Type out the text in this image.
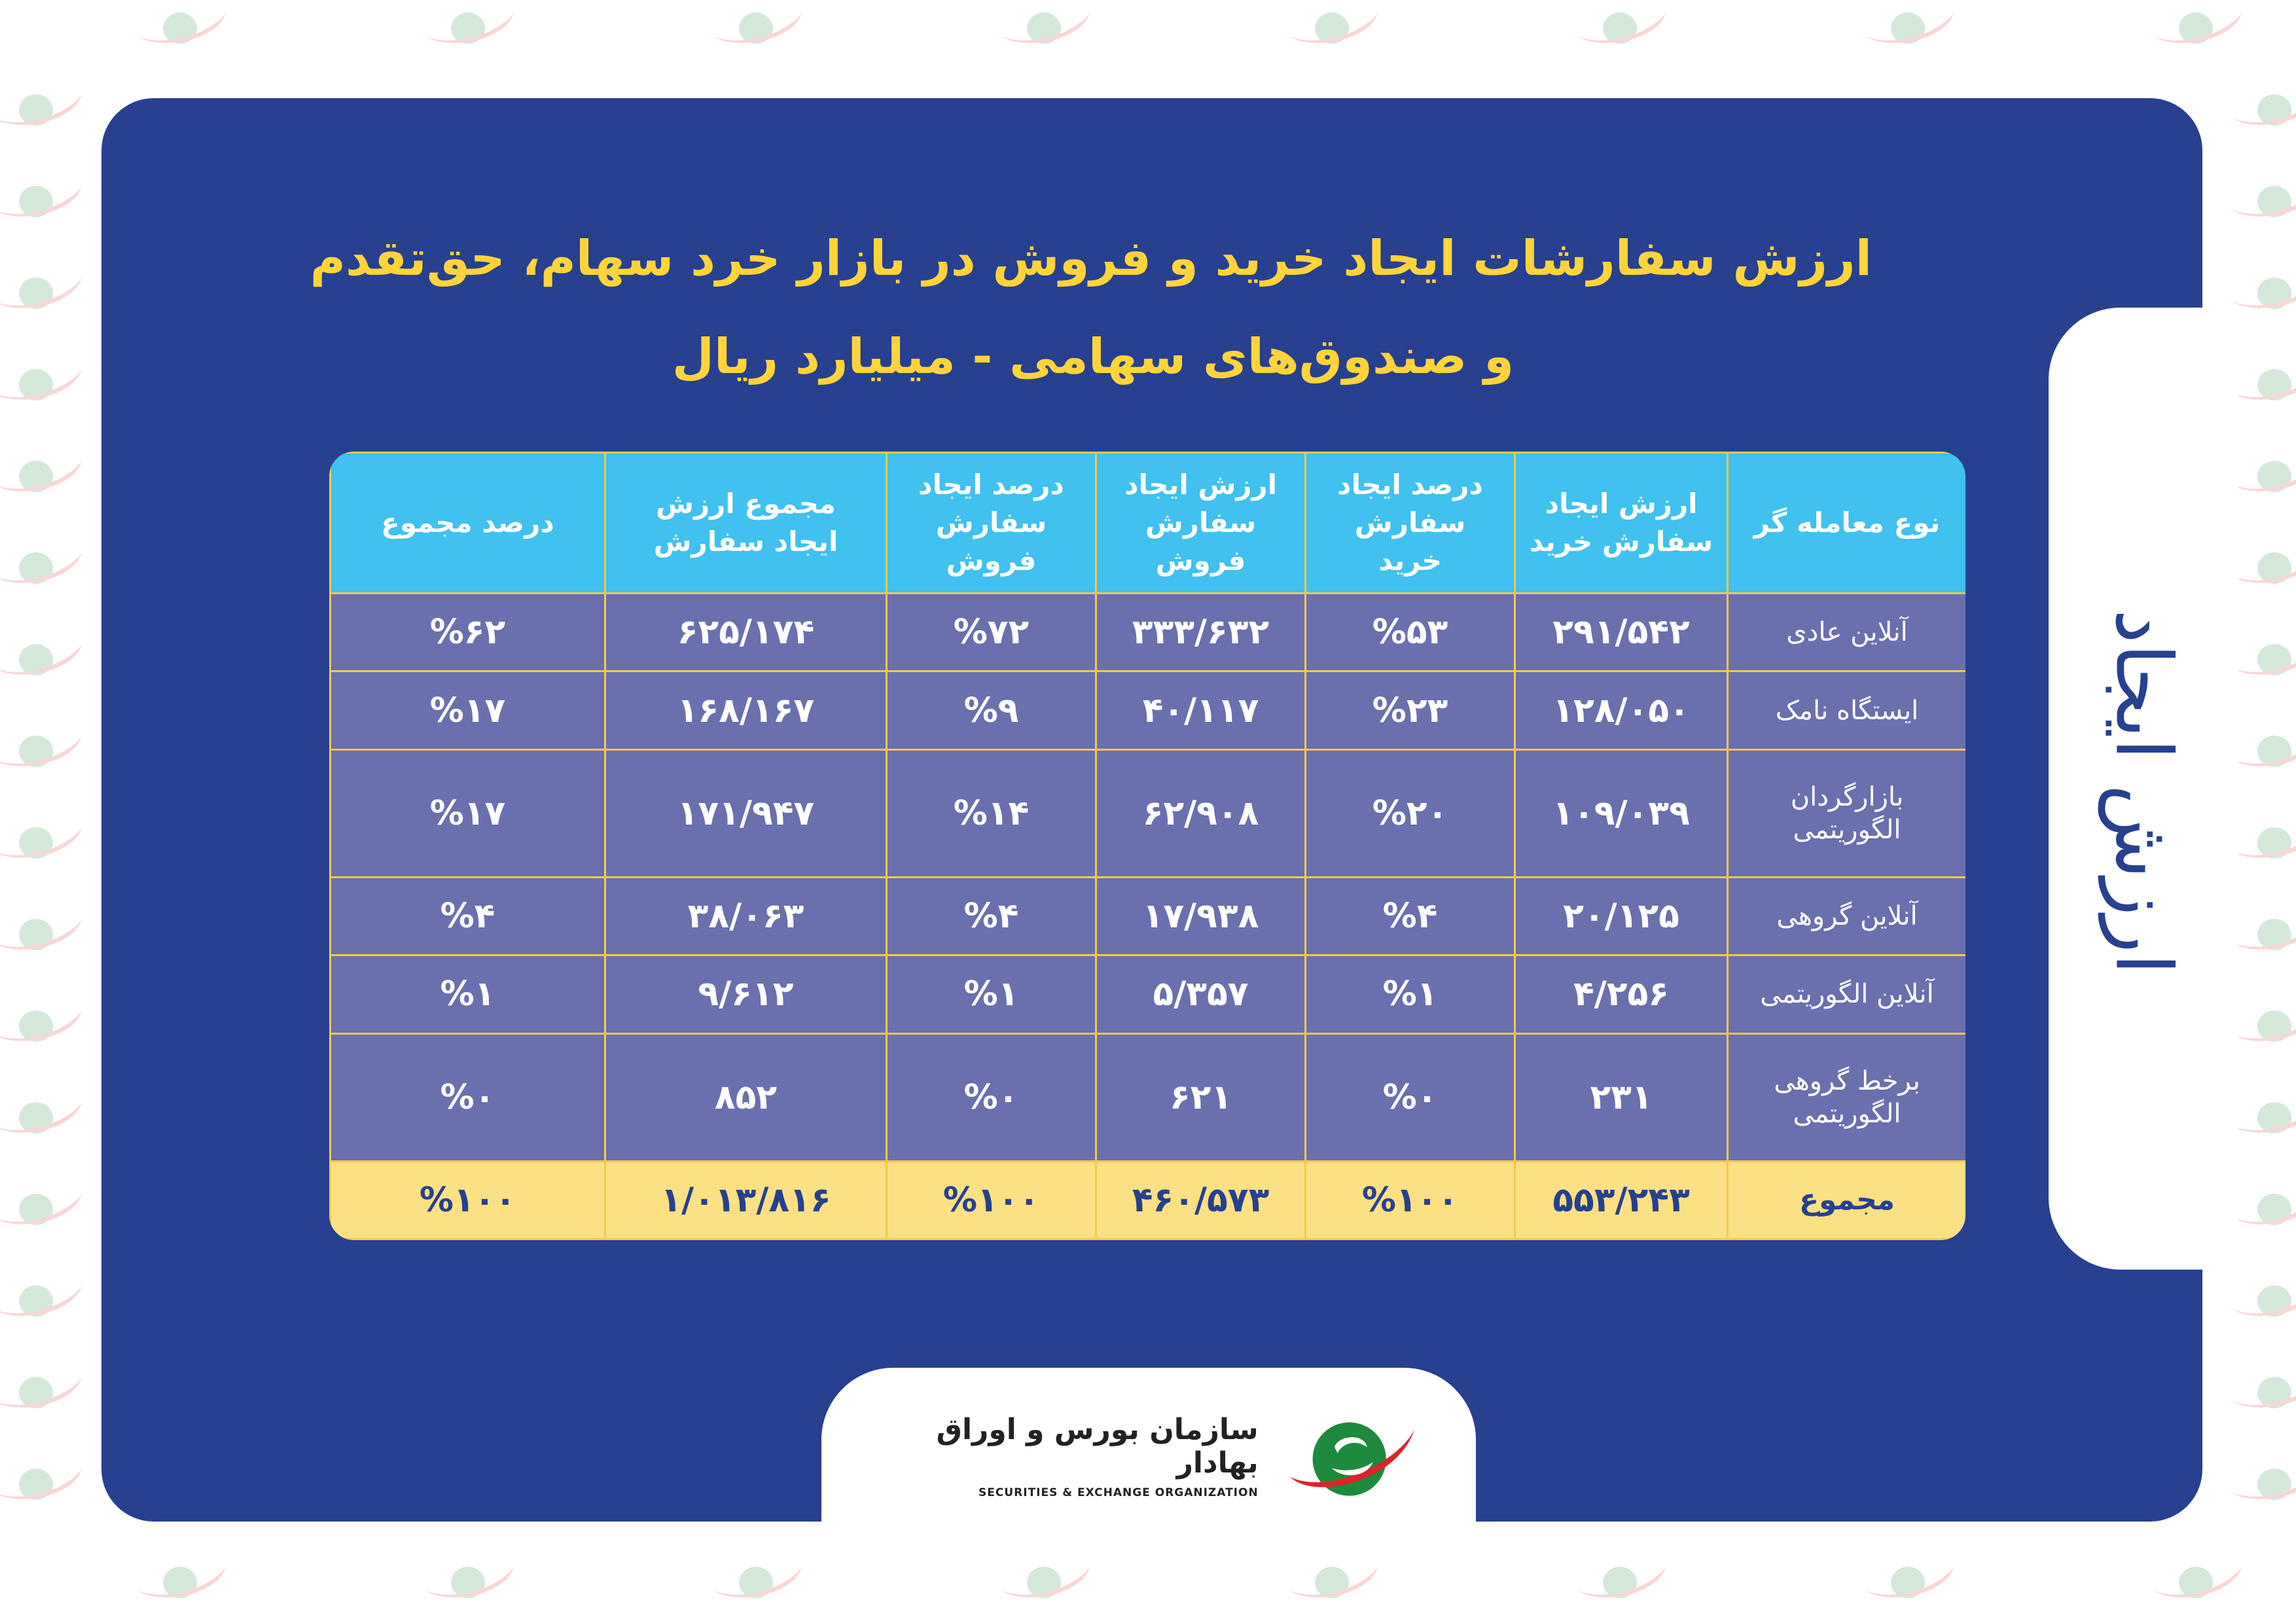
ارزش ایجاد
ارزش سفارشات ایجاد خرید و فروش در بازار خرد سهام، حق‌تقدم
و صندوق‌های سهامی - میلیارد ریال
نوع معامله گر	ارزش ایجاد سفارش خرید	درصد ایجاد سفارش خرید	ارزش ایجاد سفارش فروش	درصد ایجاد سفارش فروش	مجموع ارزش ایجاد سفارش	درصد مجموع
آنلاین عادی	۲۹۱/۵۴۲	%۵۳	۳۳۳/۶۳۲	%۷۲	۶۲۵/۱۷۴	%۶۲
ایستگاه نامک	۱۲۸/۰۵۰	%۲۳	۴۰/۱۱۷	%۹	۱۶۸/۱۶۷	%۱۷
بازارگردان الگوریتمی	۱۰۹/۰۳۹	%۲۰	۶۲/۹۰۸	%۱۴	۱۷۱/۹۴۷	%۱۷
آنلاین گروهی	۲۰/۱۲۵	%۴	۱۷/۹۳۸	%۴	۳۸/۰۶۳	%۴
آنلاین الگوریتمی	۴/۲۵۶	%۱	۵/۳۵۷	%۱	۹/۶۱۲	%۱
برخط گروهی الگوریتمی	۲۳۱	%۰	۶۲۱	%۰	۸۵۲	%۰
مجموع	۵۵۳/۲۴۳	%۱۰۰	۴۶۰/۵۷۳	%۱۰۰	۱/۰۱۳/۸۱۶	%۱۰۰
سازمان بورس و اوراق بهادار
SECURITIES & EXCHANGE ORGANIZATION
